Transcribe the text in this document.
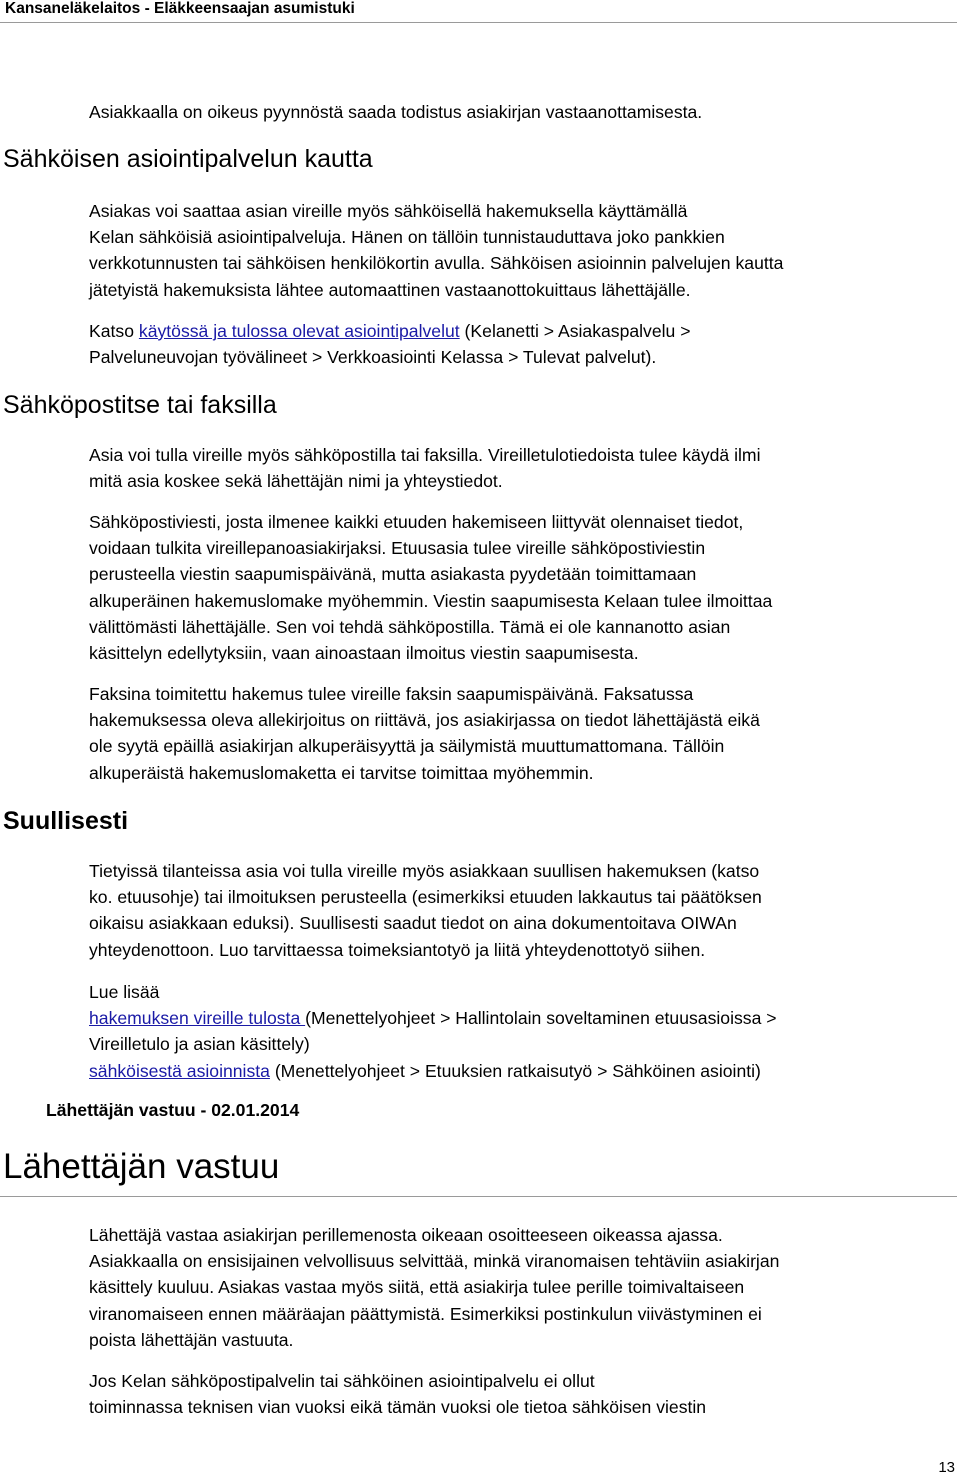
Kansaneläkelaitos - Eläkkeensaajan asumistuki
Asiakkaalla on oikeus pyynnöstä saada todistus asiakirjan vastaanottamisesta.
Sähköisen asiointipalvelun kautta
Asiakas voi saattaa asian vireille myös sähköisellä hakemuksella käyttämällä
Kelan sähköisiä asiointipalveluja. Hänen on tällöin tunnistauduttava joko pankkien
verkkotunnusten tai sähköisen henkilökortin avulla. Sähköisen asioinnin palvelujen kautta
jätetyistä hakemuksista lähtee automaattinen vastaanottokuittaus lähettäjälle.
Katso käytössä ja tulossa olevat asiointipalvelut (Kelanetti > Asiakaspalvelu >
Palveluneuvojan työvälineet > Verkkoasiointi Kelassa > Tulevat palvelut).
Sähköpostitse tai faksilla
Asia voi tulla vireille myös sähköpostilla tai faksilla. Vireilletulotiedoista tulee käydä ilmi
mitä asia koskee sekä lähettäjän nimi ja yhteystiedot.
Sähköpostiviesti, josta ilmenee kaikki etuuden hakemiseen liittyvät olennaiset tiedot,
voidaan tulkita vireillepanoasiakirjaksi. Etuusasia tulee vireille sähköpostiviestin
perusteella viestin saapumispäivänä, mutta asiakasta pyydetään toimittamaan
alkuperäinen hakemuslomake myöhemmin. Viestin saapumisesta Kelaan tulee ilmoittaa
välittömästi lähettäjälle. Sen voi tehdä sähköpostilla. Tämä ei ole kannanotto asian
käsittelyn edellytyksiin, vaan ainoastaan ilmoitus viestin saapumisesta.
Faksina toimitettu hakemus tulee vireille faksin saapumispäivänä. Faksatussa
hakemuksessa oleva allekirjoitus on riittävä, jos asiakirjassa on tiedot lähettäjästä eikä
ole syytä epäillä asiakirjan alkuperäisyyttä ja säilymistä muuttumattomana. Tällöin
alkuperäistä hakemuslomaketta ei tarvitse toimittaa myöhemmin.
Suullisesti
Tietyissä tilanteissa asia voi tulla vireille myös asiakkaan suullisen hakemuksen (katso
ko. etuusohje) tai ilmoituksen perusteella (esimerkiksi etuuden lakkautus tai päätöksen
oikaisu asiakkaan eduksi). Suullisesti saadut tiedot on aina dokumentoitava OIWAn
yhteydenottoon. Luo tarvittaessa toimeksiantotyö ja liitä yhteydenottotyö siihen.
Lue lisää
hakemuksen vireille tulosta (Menettelyohjeet > Hallintolain soveltaminen etuusasioissa >
Vireilletulo ja asian käsittely)
sähköisestä asioinnista (Menettelyohjeet > Etuuksien ratkaisutyö > Sähköinen asiointi)
Lähettäjän vastuu - 02.01.2014
Lähettäjän vastuu
Lähettäjä vastaa asiakirjan perillemenosta oikeaan osoitteeseen oikeassa ajassa.
Asiakkaalla on ensisijainen velvollisuus selvittää, minkä viranomaisen tehtäviin asiakirjan
käsittely kuuluu. Asiakas vastaa myös siitä, että asiakirja tulee perille toimivaltaiseen
viranomaiseen ennen määräajan päättymistä. Esimerkiksi postinkulun viivästyminen ei
poista lähettäjän vastuuta.
Jos Kelan sähköpostipalvelin tai sähköinen asiointipalvelu ei ollut
toiminnassa teknisen vian vuoksi eikä tämän vuoksi ole tietoa sähköisen viestin
13
